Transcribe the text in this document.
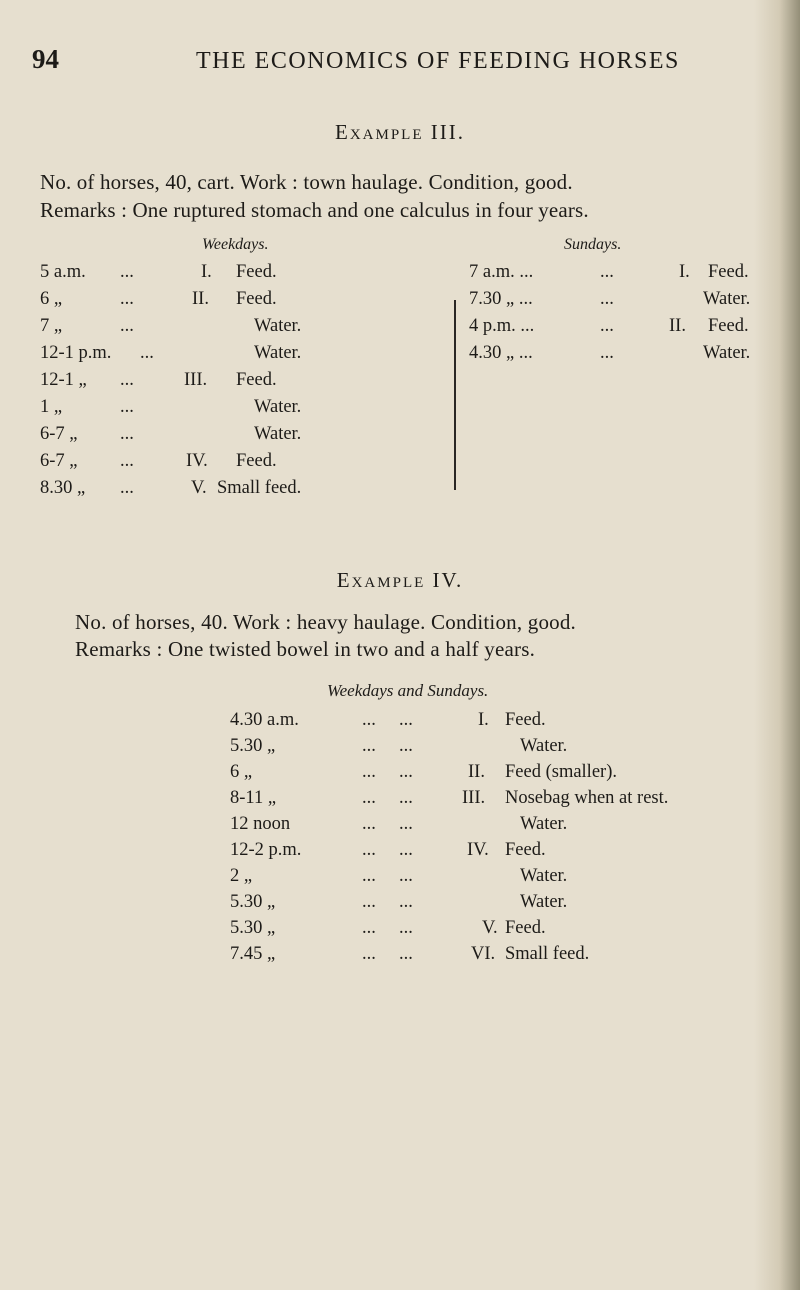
94	THE ECONOMICS OF FEEDING HORSES
Example III.
No. of horses, 40, cart. Work : town haulage. Condition, good.
Remarks : One ruptured stomach and one calculus in four years.
Weekdays.	Sundays.
5 a.m. ...	I. Feed.
6 „	...	II. Feed.
7 „	...	Water.
12-1 p.m. ...	Water.
12-1 „ ...	III. Feed.
1 „	...	Water.
6-7 „ ...	Water.
6-7 „ ...	IV. Feed.
8.30 „ ...	V. Small feed.
7 a.m. ...	...	I. Feed.
7.30 „ ...	...	Water.
4 p.m. ...	...	II. Feed.
4.30 „ ...	...	Water.
Example IV.
No. of horses, 40. Work : heavy haulage. Condition, good.
Remarks : One twisted bowel in two and a half years.
Weekdays and Sundays.
4.30 a.m.	...     ...	I. Feed.
5.30 „	...     ...	Water.
6 „	...     ...	II. Feed (smaller).
8-11 „	...     ...	III. Nosebag when at rest.
12 noon	...     ...	Water.
12-2 p.m.	...     ...	IV. Feed.
2 „	...     ...	Water.
5.30 „	...     ...	Water.
5.30 „	...     ...	V. Feed.
7.45 „	...     ...	VI. Small feed.
